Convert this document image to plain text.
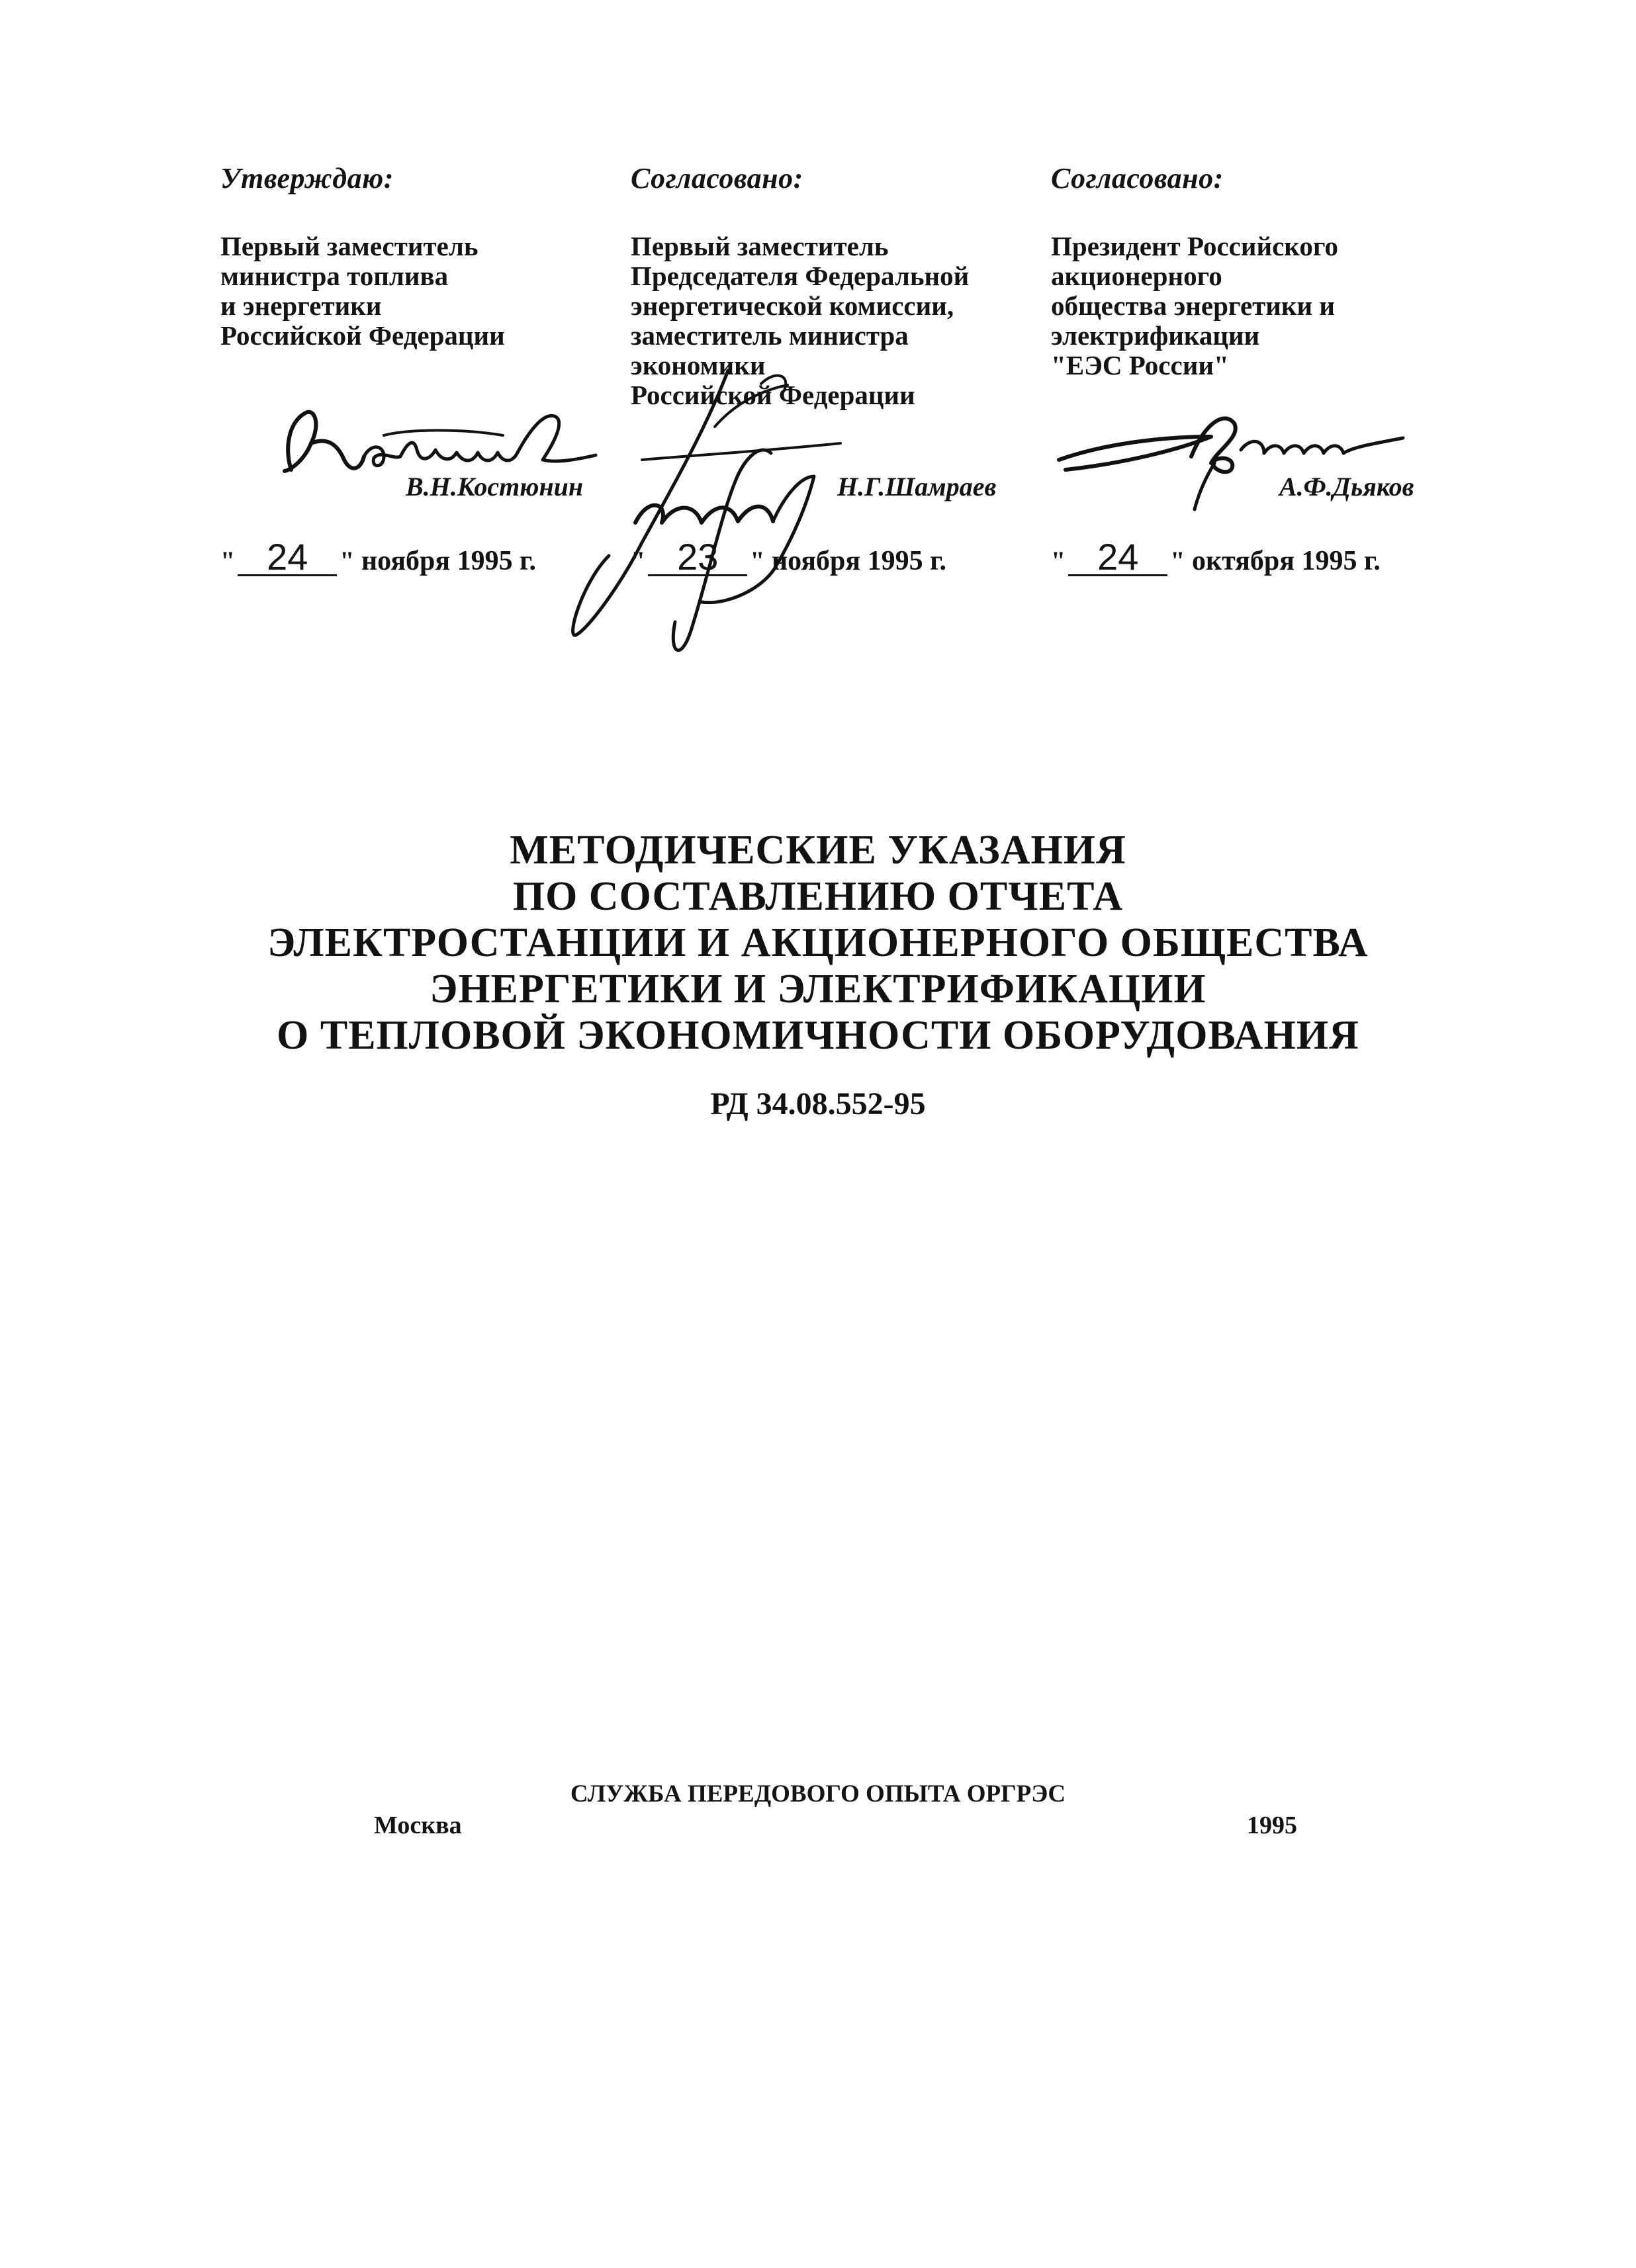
Утверждаю:
Первый заместитель
министра топлива
и энергетики
Российской Федерации
В.Н.Костюнин
" 24 " ноября 1995 г.
Согласовано:
Первый заместитель
Председателя Федеральной
энергетической комиссии,
заместитель министра
экономики
Российской Федерации
Н.Г.Шамраев
" 23 " ноября 1995 г.
Согласовано:
Президент Российского
акционерного
общества энергетики и
электрификации
"ЕЭС России"
А.Ф.Дьяков
" 24 " октября 1995 г.
МЕТОДИЧЕСКИЕ УКАЗАНИЯ
ПО СОСТАВЛЕНИЮ ОТЧЕТА
ЭЛЕКТРОСТАНЦИИ И АКЦИОНЕРНОГО ОБЩЕСТВА
ЭНЕРГЕТИКИ И ЭЛЕКТРИФИКАЦИИ
О ТЕПЛОВОЙ ЭКОНОМИЧНОСТИ ОБОРУДОВАНИЯ
РД 34.08.552-95
СЛУЖБА ПЕРЕДОВОГО ОПЫТА ОРГРЭС
Москва	1995
